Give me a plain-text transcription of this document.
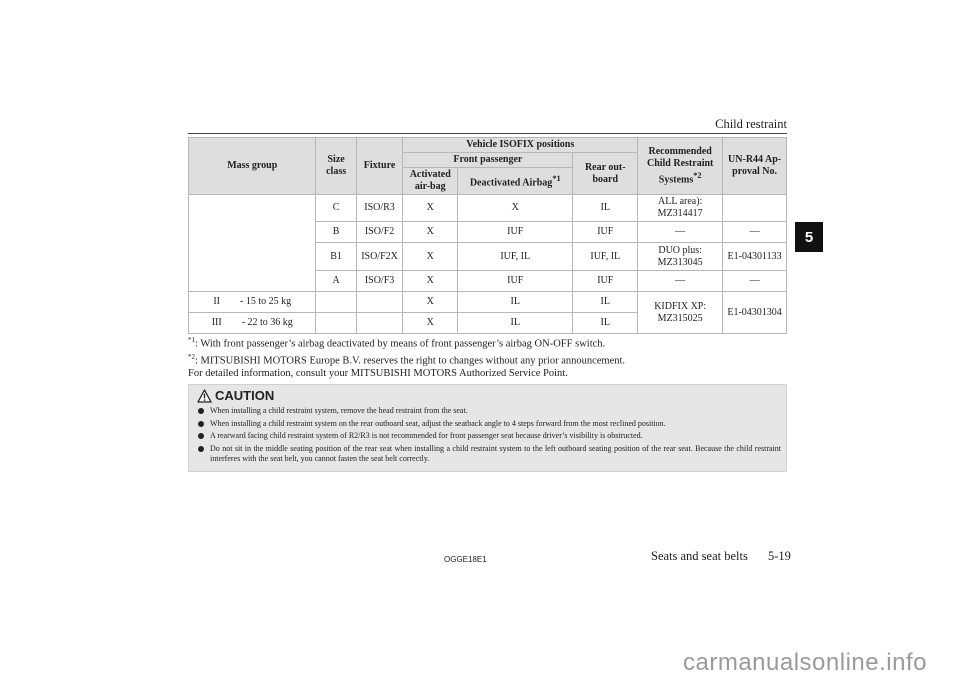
Child restraint
5
Mass group	Size class	Fixture	Vehicle ISOFIX positions			Recommended Child Restraint Systems$^{*2}$	UN-R44 Ap-proval No.
			Front passenger		Rear out-board		
			Activated air-bag	Deactivated Airbag$^{*1}$
	C	ISO/R3	X	X	IL	ALL area): MZ314417	
	B	ISO/F2	X	IUF	IUF	—	—
	B1	ISO/F2X	X	IUF, IL	IUF, IL	DUO plus: MZ313045	E1-04301133
	A	ISO/F3	X	IUF	IUF	—	—
II - 15 to 25 kg			X	IL	IL	KIDFIX XP: MZ315025	E1-04301304
III - 22 to 36 kg			X	IL	IL		
$^{*1}$: With front passenger’s airbag deactivated by means of front passenger’s airbag ON-OFF switch.
$^{*2}$: MITSUBISHI MOTORS Europe B.V. reserves the right to changes without any prior announcement.
For detailed information, consult your MITSUBISHI MOTORS Authorized Service Point.
CAUTION
When installing a child restraint system, remove the head restraint from the seat.
When installing a child restraint system on the rear outboard seat, adjust the seatback angle to 4 steps forward from the most reclined position.
A rearward facing child restraint system of R2/R3 is not recommended for front passenger seat because driver’s visibility is obstructed.
Do not sit in the middle seating position of the rear seat when installing a child restraint system to the left outboard seating position of the rear seat. Because the child restraint interferes with the seat belt, you cannot fasten the seat belt correctly.
OGGE18E1	Seats and seat belts 5-19
carmanualsonline.info
